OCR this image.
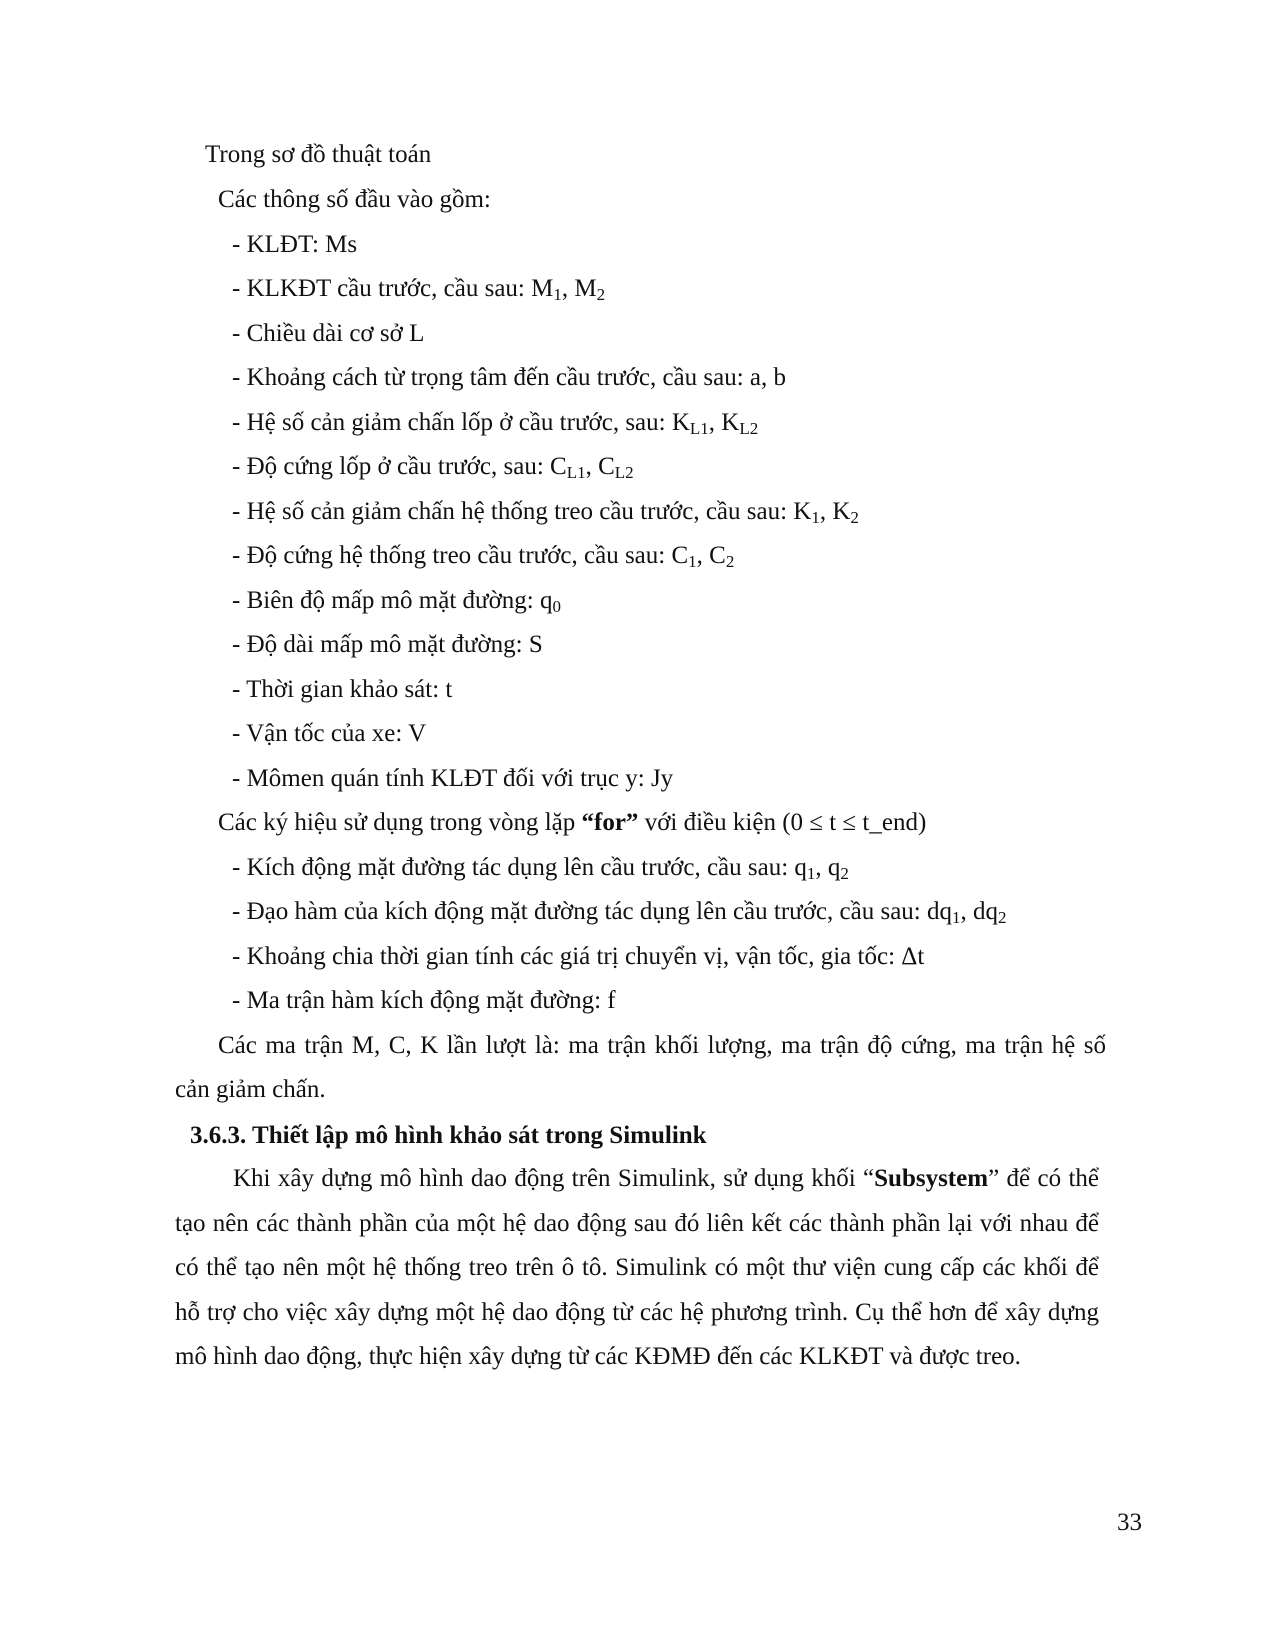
Trong sơ đồ thuật toán
Các thông số đầu vào gồm:
- KLĐT: Ms
- KLKĐT cầu trước, cầu sau: $M_1$, $M_2$
- Chiều dài cơ sở L
- Khoảng cách từ trọng tâm đến cầu trước, cầu sau: a, b
- Hệ số cản giảm chấn lốp ở cầu trước, sau: $K_{L1}$, $K_{L2}$
- Độ cứng lốp ở cầu trước, sau: $C_{L1}$, $C_{L2}$
- Hệ số cản giảm chấn hệ thống treo cầu trước, cầu sau: $K_1$, $K_2$
- Độ cứng hệ thống treo cầu trước, cầu sau: $C_1$, $C_2$
- Biên độ mấp mô mặt đường: $q_0$
- Độ dài mấp mô mặt đường: S
- Thời gian khảo sát: t
- Vận tốc của xe: V
- Mômen quán tính KLĐT đối với trục y: Jy
Các ký hiệu sử dụng trong vòng lặp “for” với điều kiện (0 ≤ t ≤ t_end)
- Kích động mặt đường tác dụng lên cầu trước, cầu sau: $q_1$, $q_2$
- Đạo hàm của kích động mặt đường tác dụng lên cầu trước, cầu sau: $dq_1$, $dq_2$
- Khoảng chia thời gian tính các giá trị chuyển vị, vận tốc, gia tốc: Δt
- Ma trận hàm kích động mặt đường: f
Các ma trận M, C, K lần lượt là: ma trận khối lượng, ma trận độ cứng, ma trận hệ số
cản giảm chấn.
3.6.3. Thiết lập mô hình khảo sát trong Simulink
Khi xây dựng mô hình dao động trên Simulink, sử dụng khối “Subsystem” để có thể
tạo nên các thành phần của một hệ dao động sau đó liên kết các thành phần lại với nhau để
có thể tạo nên một hệ thống treo trên ô tô. Simulink có một thư viện cung cấp các khối để
hỗ trợ cho việc xây dựng một hệ dao động từ các hệ phương trình. Cụ thể hơn để xây dựng
mô hình dao động, thực hiện xây dựng từ các KĐMĐ đến các KLKĐT và được treo.
33
